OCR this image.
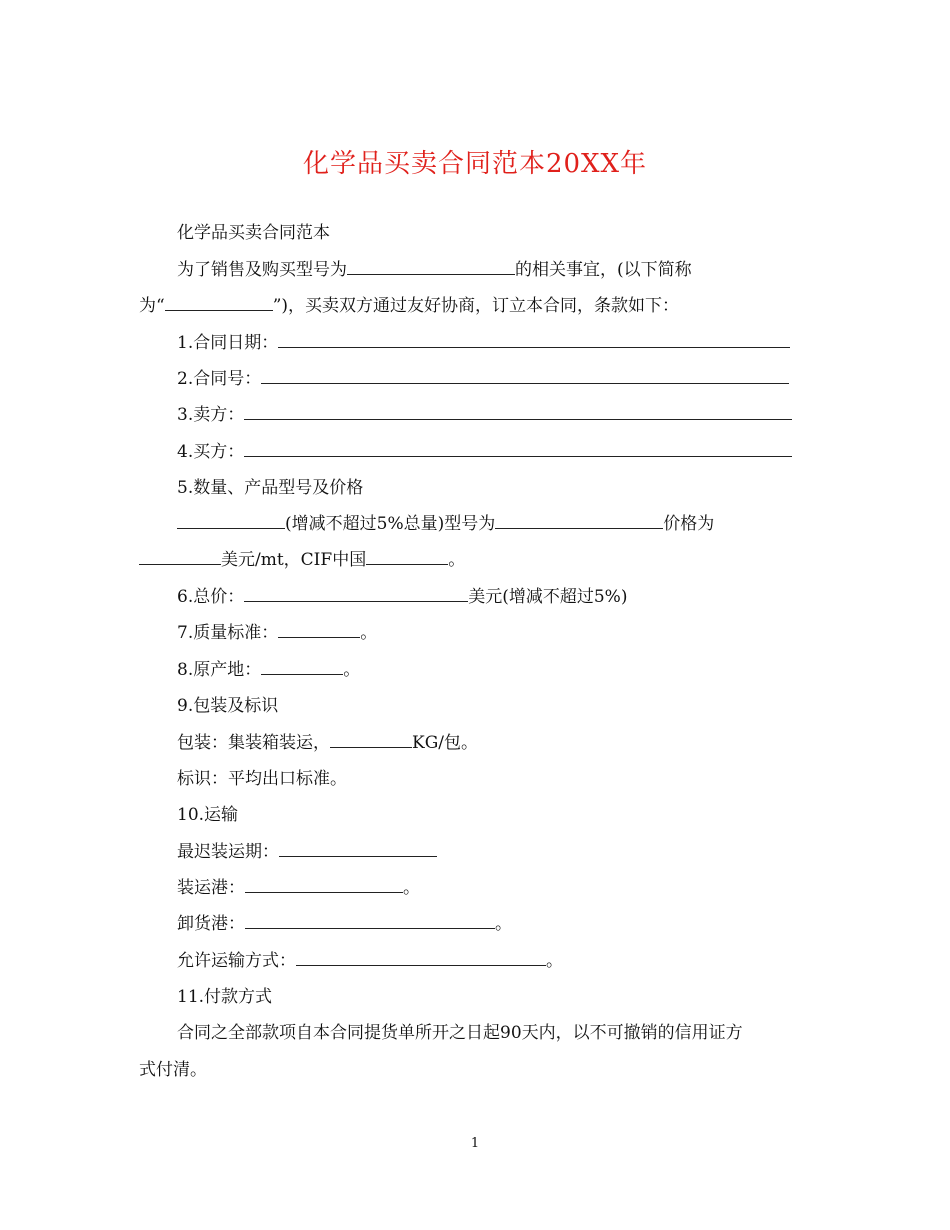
化学品买卖合同范本20XX年
化学品买卖合同范本
为了销售及购买型号为	的相关事宜，(以下简称
为“	”)，买卖双方通过友好协商，订立本合同，条款如下：
1.合同日期：
2.合同号：
3.卖方：
4.买方：
5.数量、产品型号及价格
(增减不超过5%总量)型号为	价格为
美元/mt，CIF中国	。
6.总价：	美元(增减不超过5%)
7.质量标准：	。
8.原产地：	。
9.包装及标识
包装：集装箱装运，	KG/包。
标识：平均出口标准。
10.运输
最迟装运期：
装运港：	。
卸货港：	。
允许运输方式：	。
11.付款方式
合同之全部款项自本合同提货单所开之日起90天内，以不可撤销的信用证方
式付清。
1
